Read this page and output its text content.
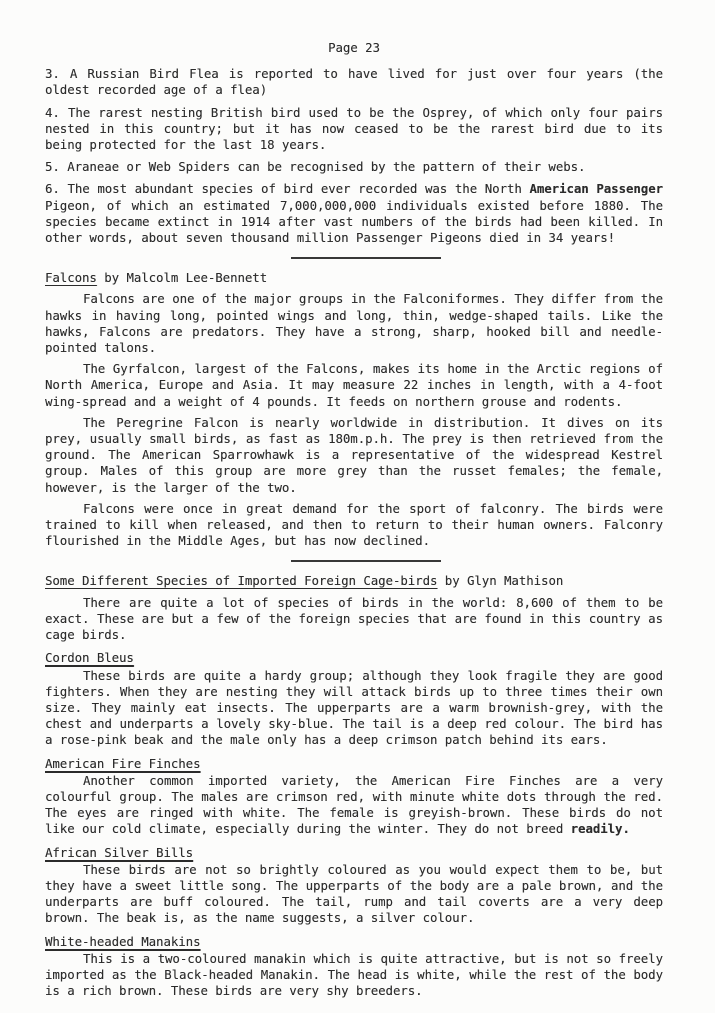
Page 23

3. A Russian Bird Flea is reported to have lived for just over four years (the oldest recorded age of a flea)

4. The rarest nesting British bird used to be the Osprey, of which only four pairs nested in this country; but it has now ceased to be the rarest bird due to its being protected for the last 18 years.

5. Araneae or Web Spiders can be recognised by the pattern of their webs.

6. The most abundant species of bird ever recorded was the North American Passenger Pigeon, of which an estimated 7,000,000,000 individuals existed before 1880. The species became extinct in 1914 after vast numbers of the birds had been killed. In other words, about seven thousand million Passenger Pigeons died in 34 years!

Falcons by Malcolm Lee-Bennett

Falcons are one of the major groups in the Falconiformes. They differ from the hawks in having long, pointed wings and long, thin, wedge-shaped tails. Like the hawks, Falcons are predators. They have a strong, sharp, hooked bill and needle-pointed talons.

The Gyrfalcon, largest of the Falcons, makes its home in the Arctic regions of North America, Europe and Asia. It may measure 22 inches in length, with a 4-foot wing-spread and a weight of 4 pounds. It feeds on northern grouse and rodents.

The Peregrine Falcon is nearly worldwide in distribution. It dives on its prey, usually small birds, as fast as 180m.p.h. The prey is then retrieved from the ground. The American Sparrowhawk is a representative of the widespread Kestrel group. Males of this group are more grey than the russet females; the female, however, is the larger of the two.

Falcons were once in great demand for the sport of falconry. The birds were trained to kill when released, and then to return to their human owners. Falconry flourished in the Middle Ages, but has now declined.

Some Different Species of Imported Foreign Cage-birds by Glyn Mathison

There are quite a lot of species of birds in the world: 8,600 of them to be exact. These are but a few of the foreign species that are found in this country as cage birds.

Cordon Bleus

These birds are quite a hardy group; although they look fragile they are good fighters. When they are nesting they will attack birds up to three times their own size. They mainly eat insects. The upperparts are a warm brownish-grey, with the chest and underparts a lovely sky-blue. The tail is a deep red colour. The bird has a rose-pink beak and the male only has a deep crimson patch behind its ears.

American Fire Finches

Another common imported variety, the American Fire Finches are a very colourful group. The males are crimson red, with minute white dots through the red. The eyes are ringed with white. The female is greyish-brown. These birds do not like our cold climate, especially during the winter. They do not breed readily.

African Silver Bills

These birds are not so brightly coloured as you would expect them to be, but they have a sweet little song. The upperparts of the body are a pale brown, and the underparts are buff coloured. The tail, rump and tail coverts are a very deep brown. The beak is, as the name suggests, a silver colour.

White-headed Manakins

This is a two-coloured manakin which is quite attractive, but is not so freely imported as the Black-headed Manakin. The head is white, while the rest of the body is a rich brown. These birds are very shy breeders.
